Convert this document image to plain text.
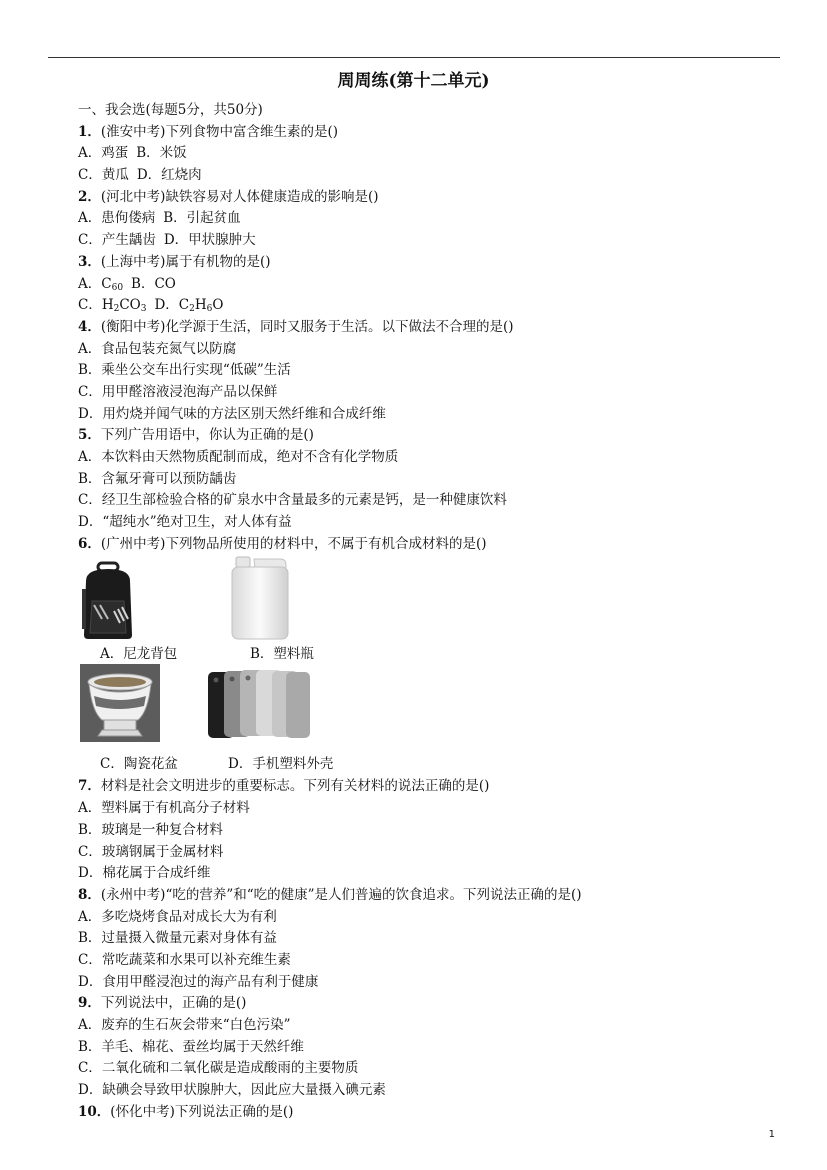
周周练(第十二单元)
一、我会选(每题5分，共50分)
1．(淮安中考)下列食物中富含维生素的是()
A．鸡蛋 B．米饭
C．黄瓜 D．红烧肉
2．(河北中考)缺铁容易对人体健康造成的影响是()
A．患佝偻病 B．引起贫血
C．产生龋齿 D．甲状腺肿大
3．(上海中考)属于有机物的是()
A．$C_{60}$ B．CO
C．$H_2CO_3$ D．$C_2H_6O$
4．(衡阳中考)化学源于生活，同时又服务于生活。以下做法不合理的是()
A．食品包装充氮气以防腐
B．乘坐公交车出行实现“低碳”生活
C．用甲醛溶液浸泡海产品以保鲜
D．用灼烧并闻气味的方法区别天然纤维和合成纤维
5．下列广告用语中，你认为正确的是()
A．本饮料由天然物质配制而成，绝对不含有化学物质
B．含氟牙膏可以预防龋齿
C．经卫生部检验合格的矿泉水中含量最多的元素是钙，是一种健康饮料
D．“超纯水”绝对卫生，对人体有益
6．(广州中考)下列物品所使用的材料中，不属于有机合成材料的是()
A．尼龙背包	B．塑料瓶
C．陶瓷花盆	D．手机塑料外壳
7．材料是社会文明进步的重要标志。下列有关材料的说法正确的是()
A．塑料属于有机高分子材料
B．玻璃是一种复合材料
C．玻璃钢属于金属材料
D．棉花属于合成纤维
8．(永州中考)“吃的营养”和“吃的健康”是人们普遍的饮食追求。下列说法正确的是()
A．多吃烧烤食品对成长大为有利
B．过量摄入微量元素对身体有益
C．常吃蔬菜和水果可以补充维生素
D．食用甲醛浸泡过的海产品有利于健康
9．下列说法中，正确的是()
A．废弃的生石灰会带来“白色污染”
B．羊毛、棉花、蚕丝均属于天然纤维
C．二氧化硫和二氧化碳是造成酸雨的主要物质
D．缺碘会导致甲状腺肿大，因此应大量摄入碘元素
10．(怀化中考)下列说法正确的是()
1
